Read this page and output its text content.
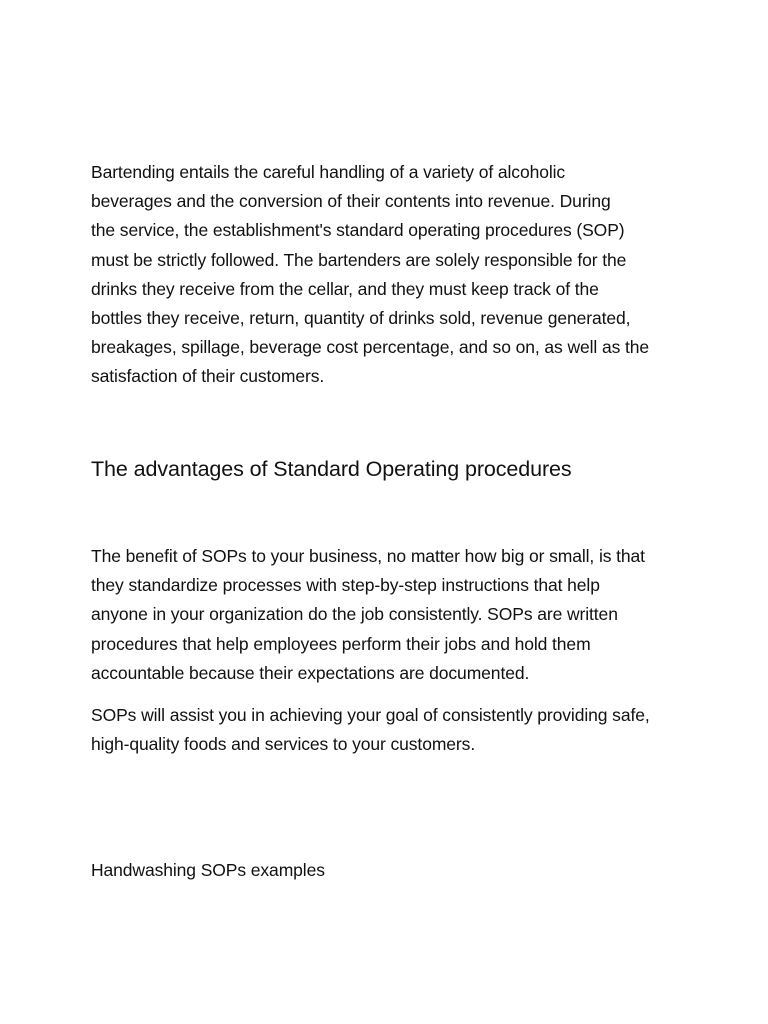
Bartending entails the careful handling of a variety of alcoholic
beverages and the conversion of their contents into revenue. During
the service, the establishment's standard operating procedures (SOP)
must be strictly followed. The bartenders are solely responsible for the
drinks they receive from the cellar, and they must keep track of the
bottles they receive, return, quantity of drinks sold, revenue generated,
breakages, spillage, beverage cost percentage, and so on, as well as the
satisfaction of their customers.

The advantages of Standard Operating procedures

The benefit of SOPs to your business, no matter how big or small, is that
they standardize processes with step-by-step instructions that help
anyone in your organization do the job consistently. SOPs are written
procedures that help employees perform their jobs and hold them
accountable because their expectations are documented.

SOPs will assist you in achieving your goal of consistently providing safe,
high-quality foods and services to your customers.

Handwashing SOPs examples
